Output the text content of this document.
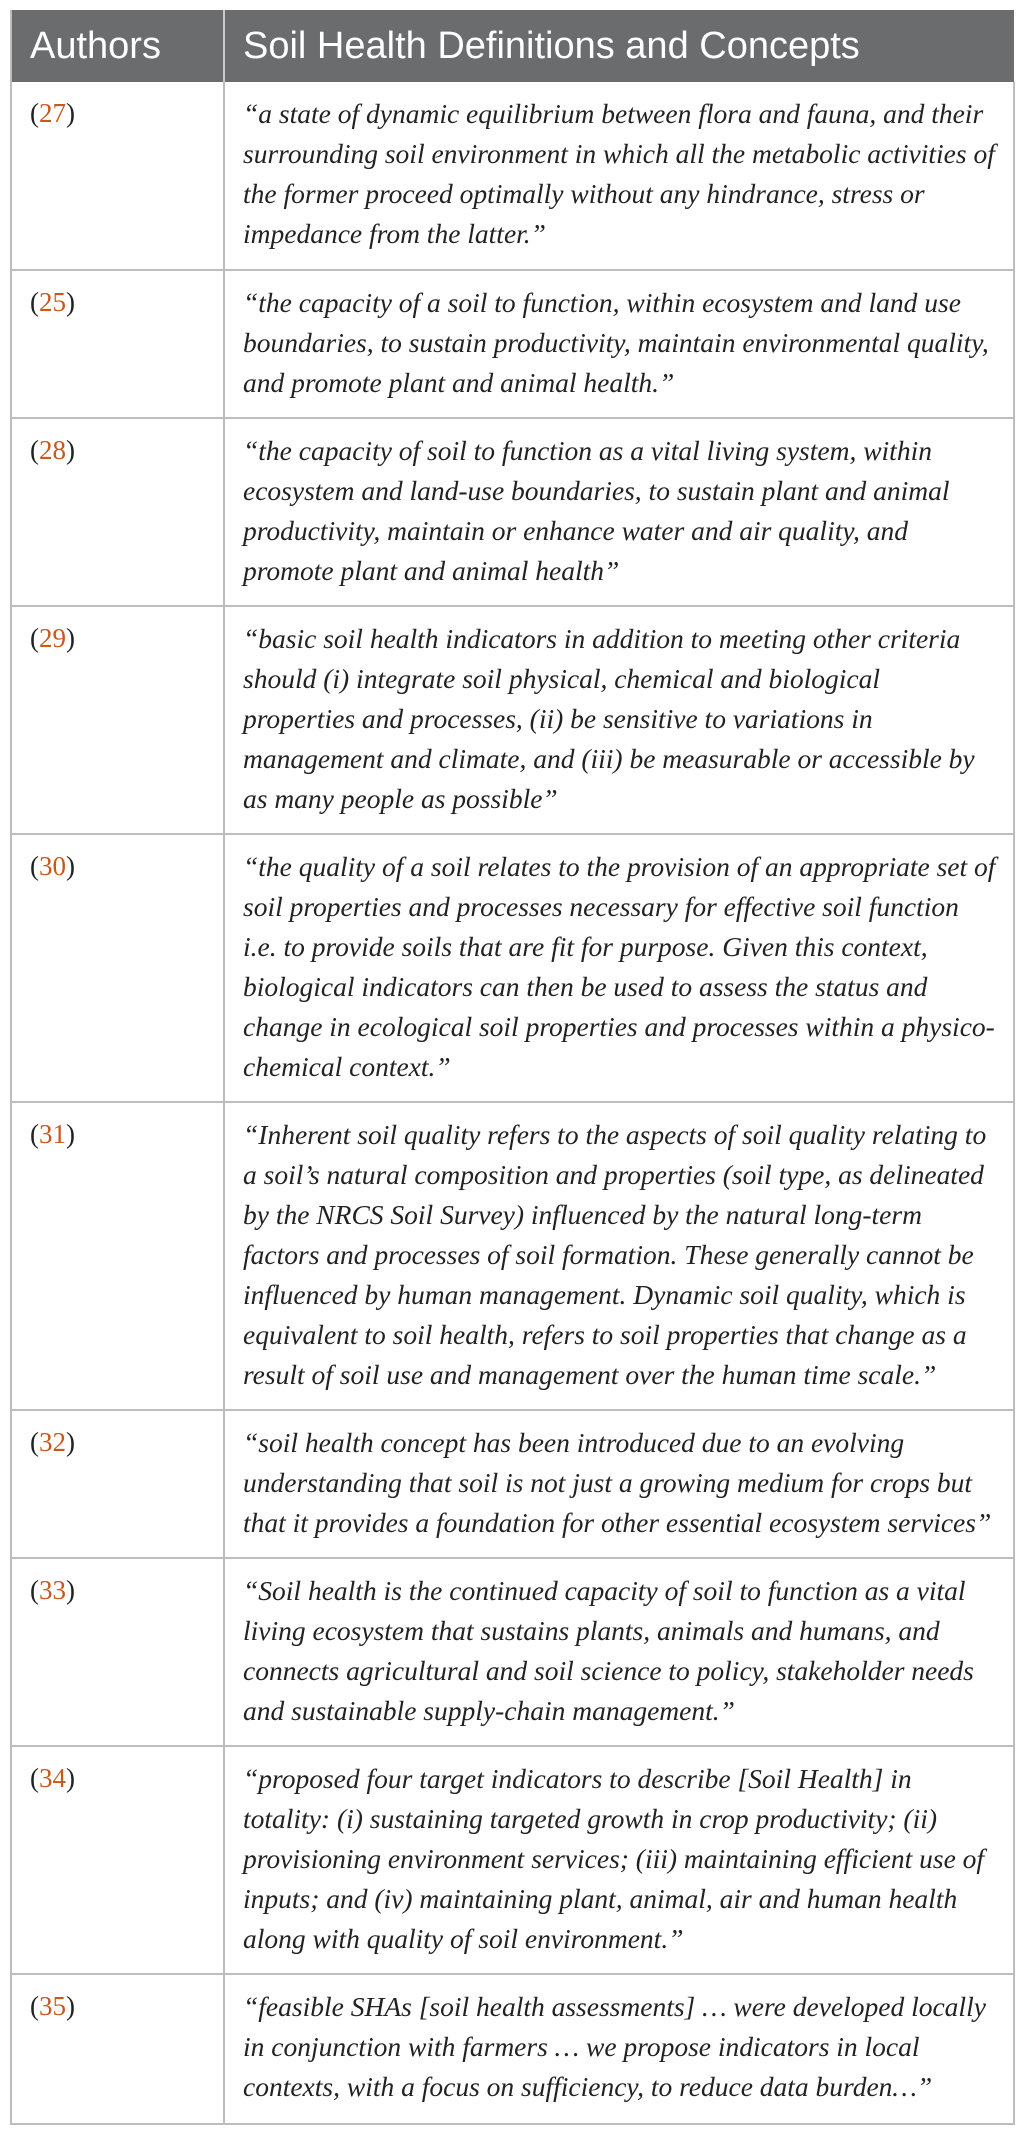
Authors	Soil Health Definitions and Concepts

(27)	“a state of dynamic equilibrium between flora and fauna, and their surrounding soil environment in which all the metabolic activities of the former proceed optimally without any hindrance, stress or impedance from the latter.”

(25)	“the capacity of a soil to function, within ecosystem and land use boundaries, to sustain productivity, maintain environmental quality, and promote plant and animal health.”

(28)	“the capacity of soil to function as a vital living system, within ecosystem and land-use boundaries, to sustain plant and animal productivity, maintain or enhance water and air quality, and promote plant and animal health”

(29)	“basic soil health indicators in addition to meeting other criteria should (i) integrate soil physical, chemical and biological properties and processes, (ii) be sensitive to variations in management and climate, and (iii) be measurable or accessible by as many people as possible”

(30)	“the quality of a soil relates to the provision of an appropriate set of soil properties and processes necessary for effective soil function i.e. to provide soils that are fit for purpose. Given this context, biological indicators can then be used to assess the status and change in ecological soil properties and processes within a physico-chemical context.”

(31)	“Inherent soil quality refers to the aspects of soil quality relating to a soil’s natural composition and properties (soil type, as delineated by the NRCS Soil Survey) influenced by the natural long-term factors and processes of soil formation. These generally cannot be influenced by human management. Dynamic soil quality, which is equivalent to soil health, refers to soil properties that change as a result of soil use and management over the human time scale.”

(32)	“soil health concept has been introduced due to an evolving understanding that soil is not just a growing medium for crops but that it provides a foundation for other essential ecosystem services”

(33)	“Soil health is the continued capacity of soil to function as a vital living ecosystem that sustains plants, animals and humans, and connects agricultural and soil science to policy, stakeholder needs and sustainable supply-chain management.”

(34)	“proposed four target indicators to describe [Soil Health] in totality: (i) sustaining targeted growth in crop productivity; (ii) provisioning environment services; (iii) maintaining efficient use of inputs; and (iv) maintaining plant, animal, air and human health along with quality of soil environment.”

(35)	“feasible SHAs [soil health assessments] … were developed locally in conjunction with farmers … we propose indicators in local contexts, with a focus on sufficiency, to reduce data burden…”
